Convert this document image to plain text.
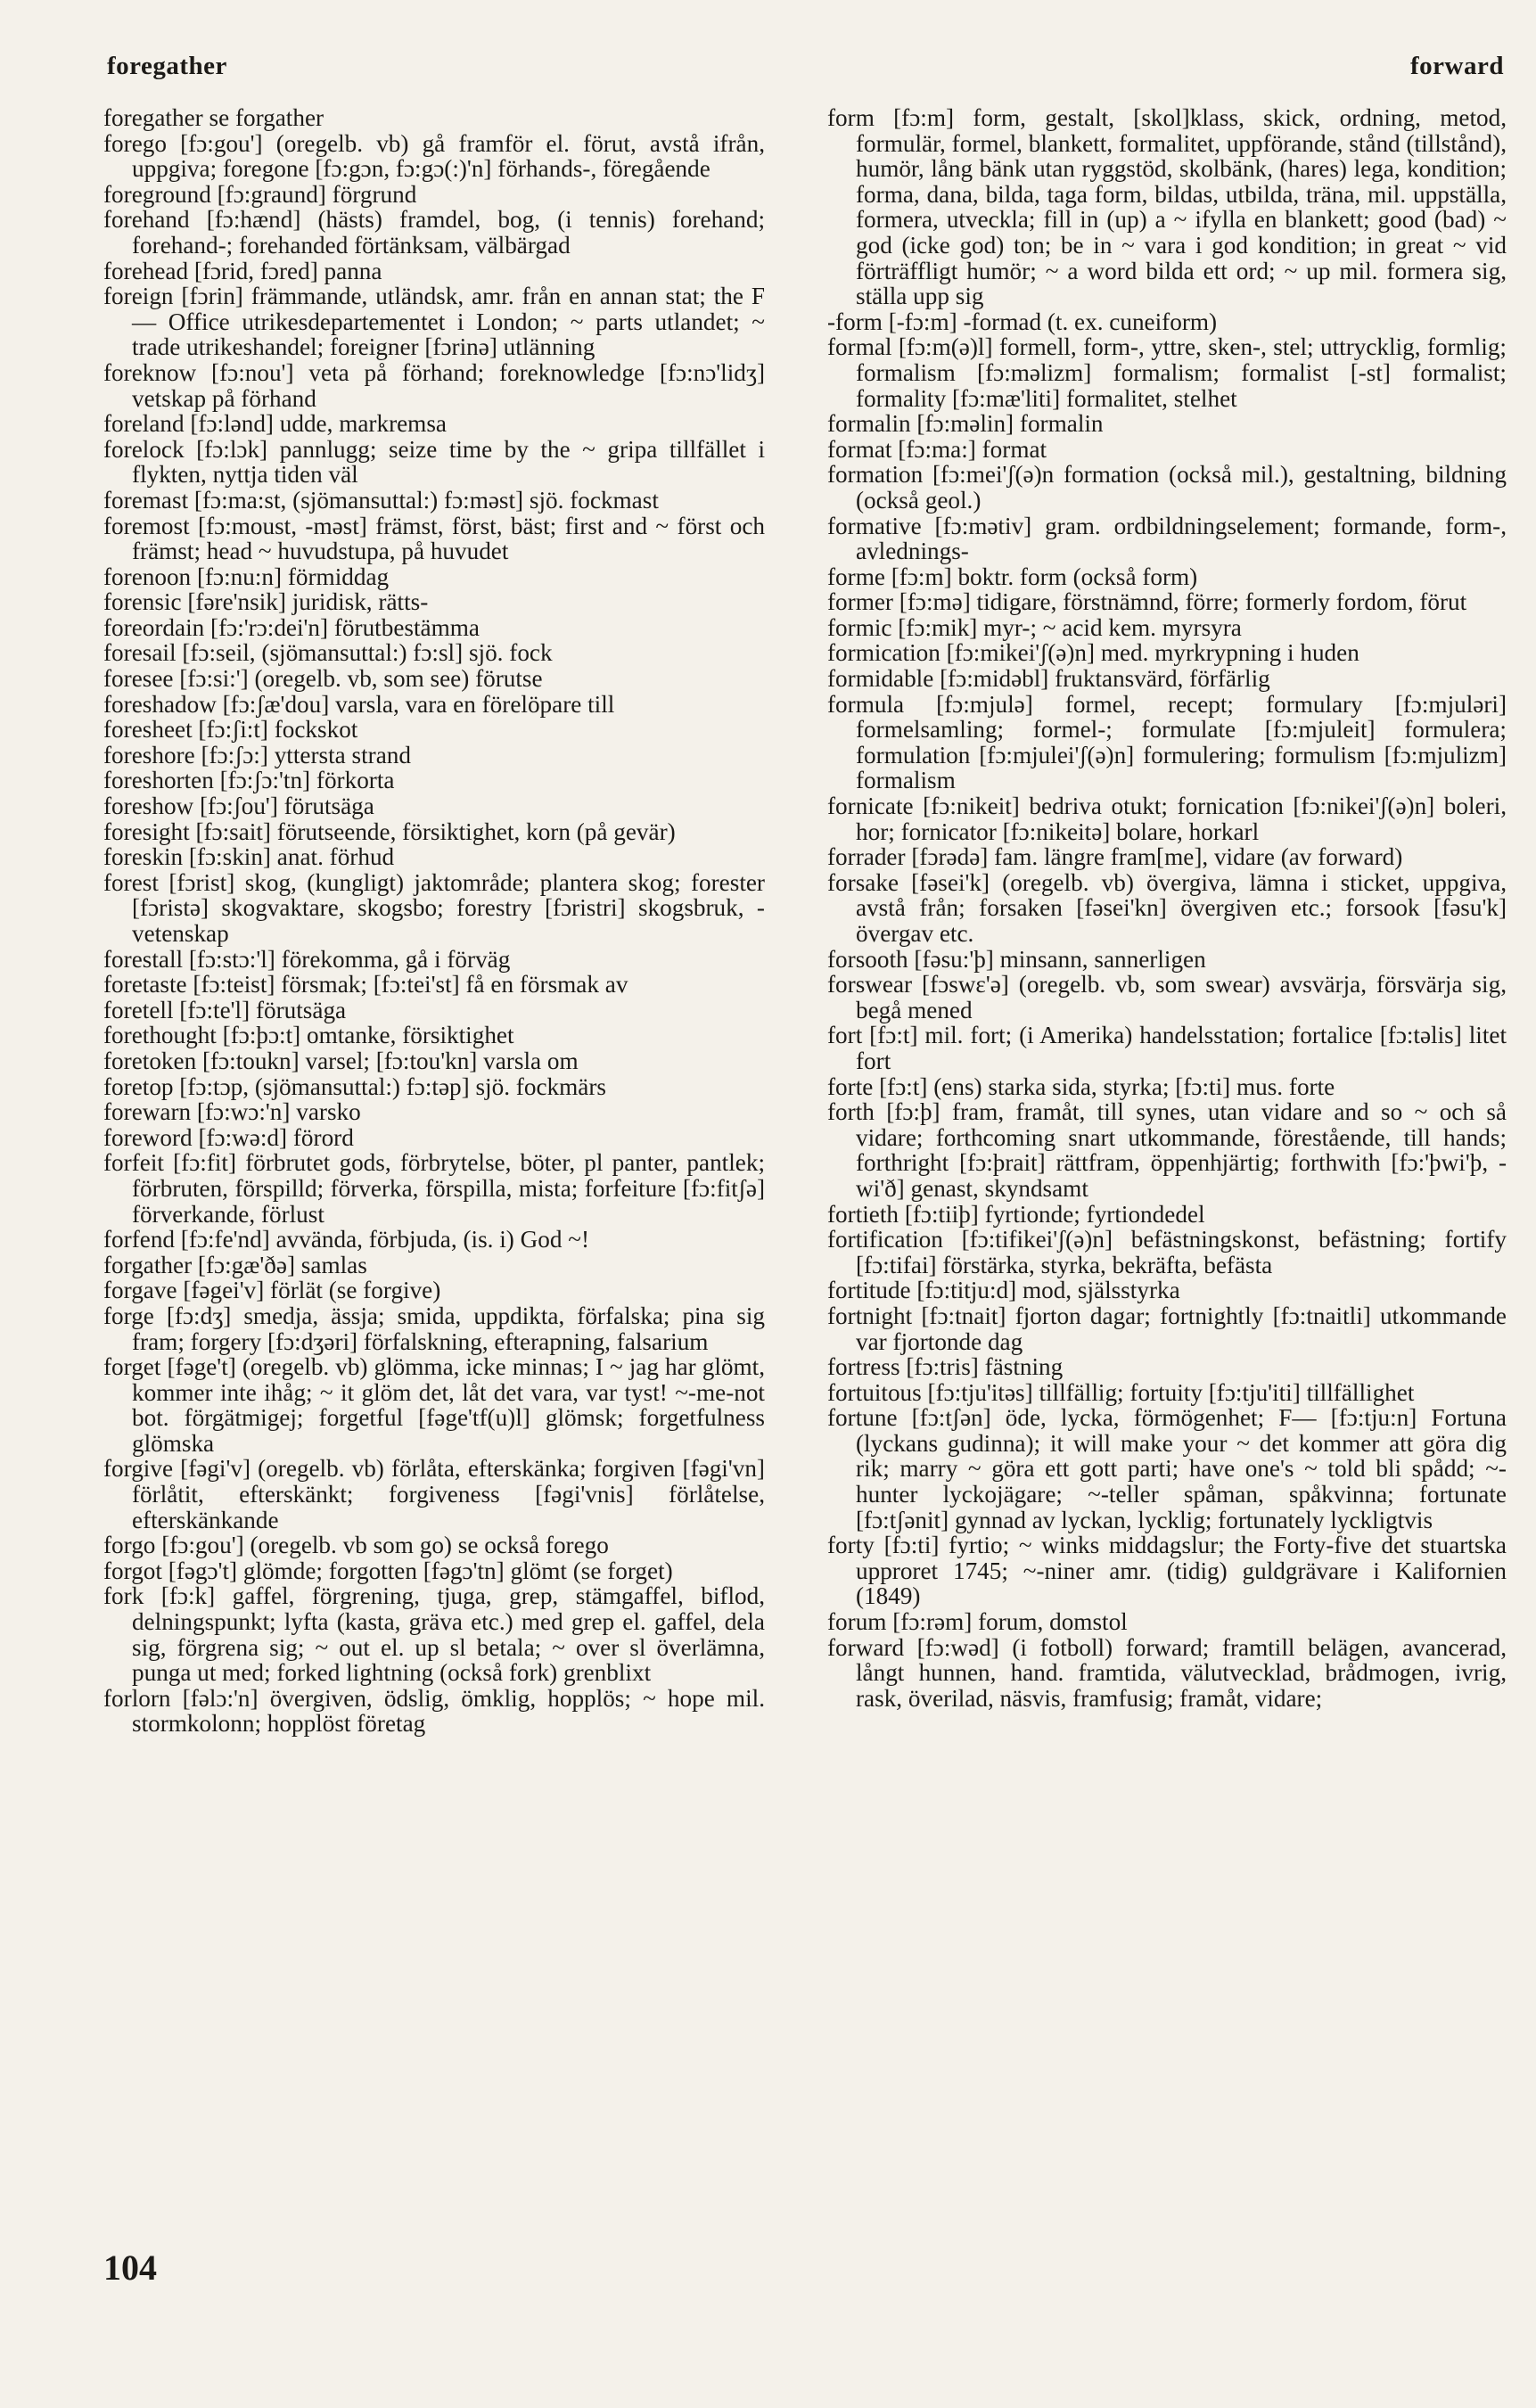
foregather	forward

foregather se forgather

forego [fɔ:gou'] (oregelb. vb) gå framför el. förut, avstå ifrån, uppgiva; foregone [fɔ:gɔn, fɔ:gɔ(:)'n] förhands-, föregående

foreground [fɔ:graund] förgrund

forehand [fɔ:hænd] (hästs) framdel, bog, (i tennis) forehand; forehand-; forehanded förtänksam, välbärgad

forehead [fɔrid, fɔred] panna

foreign [fɔrin] främmande, utländsk, amr. från en annan stat; the F— Office utrikesdepartementet i London; ~ parts utlandet; ~ trade utrikeshandel; foreigner [fɔrinə] utlänning

foreknow [fɔ:nou'] veta på förhand; foreknowledge [fɔ:nɔ'lidʒ] vetskap på förhand

foreland [fɔ:lənd] udde, markremsa

forelock [fɔ:lɔk] pannlugg; seize time by the ~ gripa tillfället i flykten, nyttja tiden väl

foremast [fɔ:ma:st, (sjömansuttal:) fɔ:məst] sjö. fockmast

foremost [fɔ:moust, -məst] främst, först, bäst; first and ~ först och främst; head ~ huvudstupa, på huvudet

forenoon [fɔ:nu:n] förmiddag

forensic [fəre'nsik] juridisk, rätts-

foreordain [fɔ:'rɔ:dei'n] förutbestämma

foresail [fɔ:seil, (sjömansuttal:) fɔ:sl] sjö. fock

foresee [fɔ:si:'] (oregelb. vb, som see) förutse

foreshadow [fɔ:ʃæ'dou] varsla, vara en förelöpare till

foresheet [fɔ:ʃi:t] fockskot

foreshore [fɔ:ʃɔ:] yttersta strand

foreshorten [fɔ:ʃɔ:'tn] förkorta

foreshow [fɔ:ʃou'] förutsäga

foresight [fɔ:sait] förutseende, försiktighet, korn (på gevär)

foreskin [fɔ:skin] anat. förhud

forest [fɔrist] skog, (kungligt) jaktområde; plantera skog; forester [fɔristə] skogvaktare, skogsbo; forestry [fɔristri] skogsbruk, -vetenskap

forestall [fɔ:stɔ:'l] förekomma, gå i förväg

foretaste [fɔ:teist] försmak; [fɔ:tei'st] få en försmak av

foretell [fɔ:te'l] förutsäga

forethought [fɔ:þɔ:t] omtanke, försiktighet

foretoken [fɔ:toukn] varsel; [fɔ:tou'kn] varsla om

foretop [fɔ:tɔp, (sjömansuttal:) fɔ:təp] sjö. fockmärs

forewarn [fɔ:wɔ:'n] varsko

foreword [fɔ:wə:d] förord

forfeit [fɔ:fit] förbrutet gods, förbrytelse, böter, pl panter, pantlek; förbruten, förspilld; förverka, förspilla, mista; forfeiture [fɔ:fitʃə] förverkande, förlust

forfend [fɔ:fe'nd] avvända, förbjuda, (is. i) God ~!

forgather [fɔ:gæ'ðə] samlas

forgave [fəgei'v] förlät (se forgive)

forge [fɔ:dʒ] smedja, ässja; smida, uppdikta, förfalska; pina sig fram; forgery [fɔ:dʒəri] förfalskning, efterapning, falsarium

forget [fəge't] (oregelb. vb) glömma, icke minnas; I ~ jag har glömt, kommer inte ihåg; ~ it glöm det, låt det vara, var tyst! ~-me-not bot. förgätmigej; forgetful [fəge'tf(u)l] glömsk; forgetfulness glömska

forgive [fəgi'v] (oregelb. vb) förlåta, efterskänka; forgiven [fəgi'vn] förlåtit, efterskänkt; forgiveness [fəgi'vnis] förlåtelse, efterskänkande

forgo [fɔ:gou'] (oregelb. vb som go) se också forego

forgot [fəgɔ't] glömde; forgotten [fəgɔ'tn] glömt (se forget)

fork [fɔ:k] gaffel, förgrening, tjuga, grep, stämgaffel, biflod, delningspunkt; lyfta (kasta, gräva etc.) med grep el. gaffel, dela sig, förgrena sig; ~ out el. up sl betala; ~ over sl överlämna, punga ut med; forked lightning (också fork) grenblixt

forlorn [fəlɔ:'n] övergiven, ödslig, ömklig, hopplös; ~ hope mil. stormkolonn; hopplöst företag

form [fɔ:m] form, gestalt, [skol]klass, skick, ordning, metod, formulär, formel, blankett, formalitet, uppförande, stånd (tillstånd), humör, lång bänk utan ryggstöd, skolbänk, (hares) lega, kondition; forma, dana, bilda, taga form, bildas, utbilda, träna, mil. uppställa, formera, utveckla; fill in (up) a ~ ifylla en blankett; good (bad) ~ god (icke god) ton; be in ~ vara i god kondition; in great ~ vid förträffligt humör; ~ a word bilda ett ord; ~ up mil. formera sig, ställa upp sig

-form [-fɔ:m] -formad (t. ex. cuneiform)

formal [fɔ:m(ə)l] formell, form-, yttre, sken-, stel; uttrycklig, formlig; formalism [fɔ:məlizm] formalism; formalist [-st] formalist; formality [fɔ:mæ'liti] formalitet, stelhet

formalin [fɔ:məlin] formalin

format [fɔ:ma:] format

formation [fɔ:mei'ʃ(ə)n formation (också mil.), gestaltning, bildning (också geol.)

formative [fɔ:mətiv] gram. ordbildningselement; formande, form-, avlednings-

forme [fɔ:m] boktr. form (också form)

former [fɔ:mə] tidigare, förstnämnd, förre; formerly fordom, förut

formic [fɔ:mik] myr-; ~ acid kem. myrsyra

formication [fɔ:mikei'ʃ(ə)n] med. myrkrypning i huden

formidable [fɔ:midəbl] fruktansvärd, förfärlig

formula [fɔ:mjulə] formel, recept; formulary [fɔ:mjuləri] formelsamling; formel-; formulate [fɔ:mjuleit] formulera; formulation [fɔ:mjulei'ʃ(ə)n] formulering; formulism [fɔ:mjulizm] formalism

fornicate [fɔ:nikeit] bedriva otukt; fornication [fɔ:nikei'ʃ(ə)n] boleri, hor; fornicator [fɔ:nikeitə] bolare, horkarl

forrader [fɔrədə] fam. längre fram[me], vidare (av forward)

forsake [fəsei'k] (oregelb. vb) övergiva, lämna i sticket, uppgiva, avstå från; forsaken [fəsei'kn] övergiven etc.; forsook [fəsu'k] övergav etc.

forsooth [fəsu:'þ] minsann, sannerligen

forswear [fɔswɛ'ə] (oregelb. vb, som swear) avsvärja, försvärja sig, begå mened

fort [fɔ:t] mil. fort; (i Amerika) handelsstation; fortalice [fɔ:təlis] litet fort

forte [fɔ:t] (ens) starka sida, styrka; [fɔ:ti] mus. forte

forth [fɔ:þ] fram, framåt, till synes, utan vidare and so ~ och så vidare; forthcoming snart utkommande, förestående, till hands; forthright [fɔ:þrait] rättfram, öppenhjärtig; forthwith [fɔ:'þwi'þ, -wi'ð] genast, skyndsamt

fortieth [fɔ:tiiþ] fyrtionde; fyrtiondedel

fortification [fɔ:tifikei'ʃ(ə)n] befästningskonst, befästning; fortify [fɔ:tifai] förstärka, styrka, bekräfta, befästa

fortitude [fɔ:titju:d] mod, själsstyrka

fortnight [fɔ:tnait] fjorton dagar; fortnightly [fɔ:tnaitli] utkommande var fjortonde dag

fortress [fɔ:tris] fästning

fortuitous [fɔ:tju'itəs] tillfällig; fortuity [fɔ:tju'iti] tillfällighet

fortune [fɔ:tʃən] öde, lycka, förmögenhet; F— [fɔ:tju:n] Fortuna (lyckans gudinna); it will make your ~ det kommer att göra dig rik; marry ~ göra ett gott parti; have one's ~ told bli spådd; ~-hunter lyckojägare; ~-teller spåman, spåkvinna; fortunate [fɔ:tʃənit] gynnad av lyckan, lycklig; fortunately lyckligtvis

forty [fɔ:ti] fyrtio; ~ winks middagslur; the Forty-five det stuartska upproret 1745; ~-niner amr. (tidig) guldgrävare i Kalifornien (1849)

forum [fɔ:rəm] forum, domstol

forward [fɔ:wəd] (i fotboll) forward; framtill belägen, avancerad, långt hunnen, hand. framtida, välutvecklad, brådmogen, ivrig, rask, överilad, näsvis, framfusig; framåt, vidare;

104
